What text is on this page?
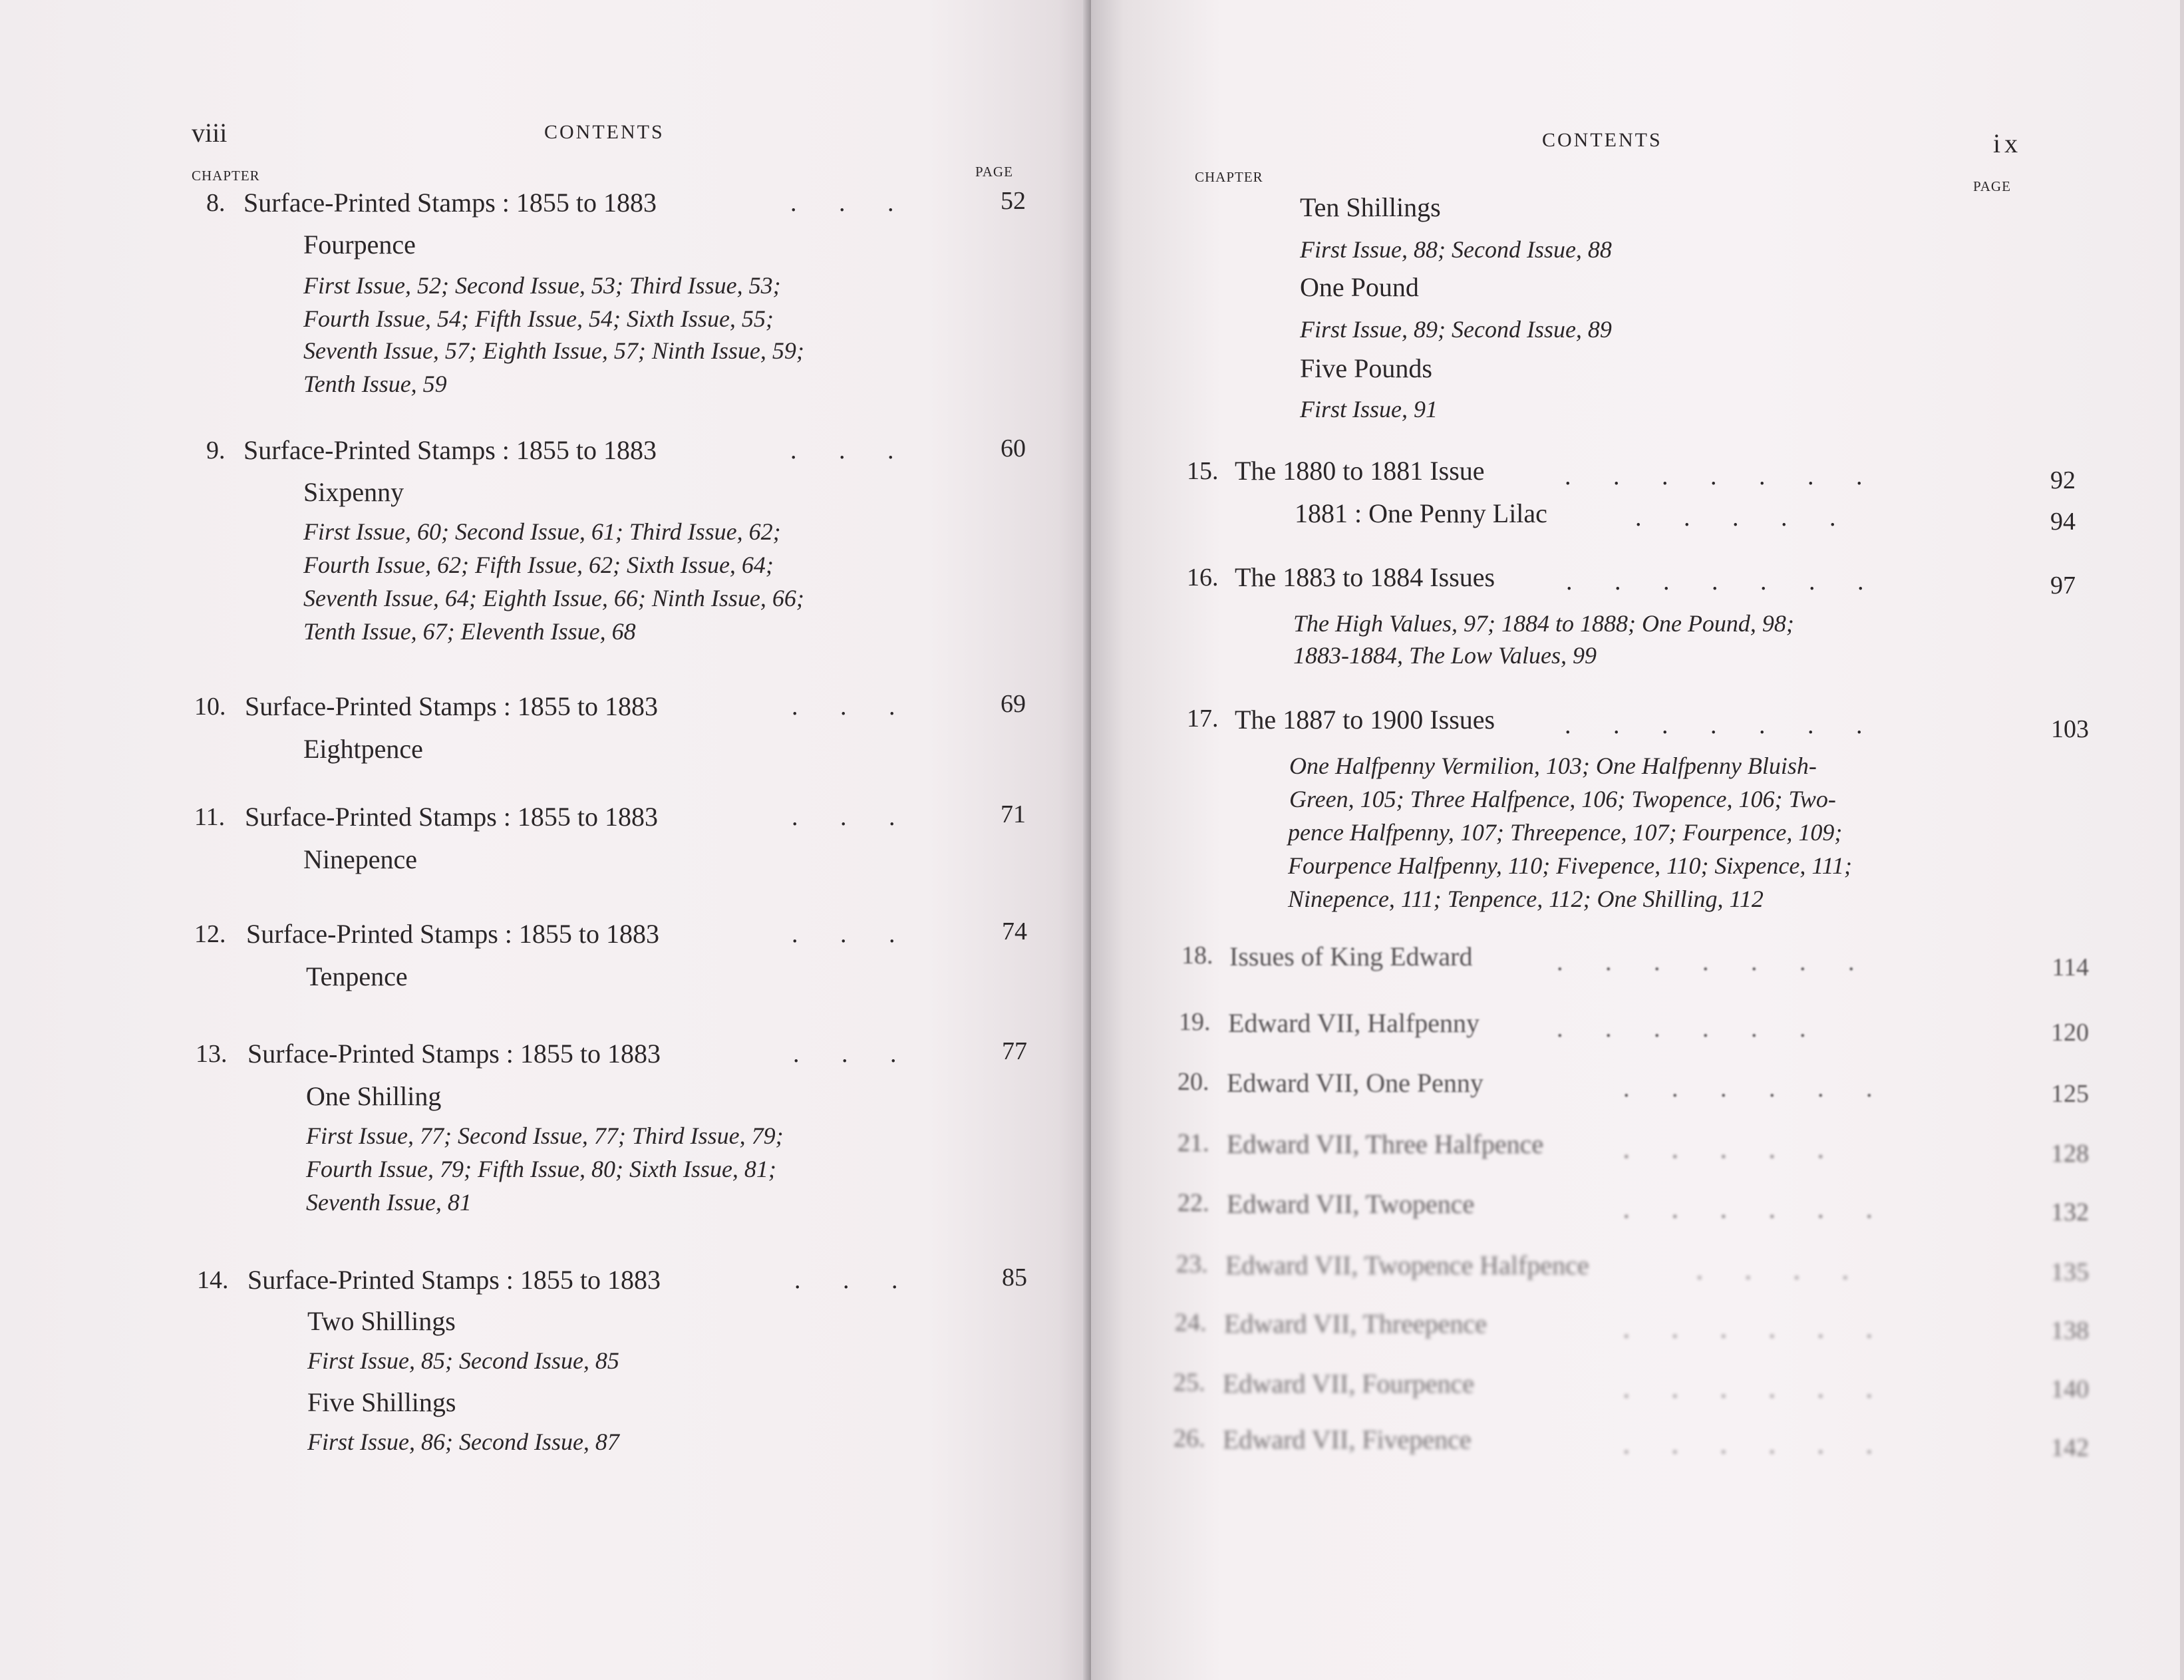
viii	CONTENTS
CHAPTER	PAGE
8. Surface-Printed Stamps : 1855 to 1883	. . .	52
Fourpence
First Issue, 52; Second Issue, 53; Third Issue, 53;
Fourth Issue, 54; Fifth Issue, 54; Sixth Issue, 55;
Seventh Issue, 57; Eighth Issue, 57; Ninth Issue, 59;
Tenth Issue, 59
9. Surface-Printed Stamps : 1855 to 1883	. . .	60
Sixpenny
First Issue, 60; Second Issue, 61; Third Issue, 62;
Fourth Issue, 62; Fifth Issue, 62; Sixth Issue, 64;
Seventh Issue, 64; Eighth Issue, 66; Ninth Issue, 66;
Tenth Issue, 67; Eleventh Issue, 68
10. Surface-Printed Stamps : 1855 to 1883	. . .	69
Eightpence
11. Surface-Printed Stamps : 1855 to 1883	. . .	71
Ninepence
12. Surface-Printed Stamps : 1855 to 1883	. . .	74
Tenpence
13. Surface-Printed Stamps : 1855 to 1883	. . .	77
One Shilling
First Issue, 77; Second Issue, 77; Third Issue, 79;
Fourth Issue, 79; Fifth Issue, 80; Sixth Issue, 81;
Seventh Issue, 81
14. Surface-Printed Stamps : 1855 to 1883	. . .	85
Two Shillings
First Issue, 85; Second Issue, 85
Five Shillings
First Issue, 86; Second Issue, 87
CONTENTS	ix
CHAPTER
PAGE
Ten Shillings
First Issue, 88; Second Issue, 88
One Pound
First Issue, 89; Second Issue, 89
Five Pounds
First Issue, 91
15. The 1880 to 1881 Issue	. . . . . . .	92
1881 : One Penny Lilac	. . . . .	94
16. The 1883 to 1884 Issues	. . . . . . .	97
The High Values, 97; 1884 to 1888; One Pound, 98;
1883-1884, The Low Values, 99
17. The 1887 to 1900 Issues	. . . . . . .	103
One Halfpenny Vermilion, 103; One Halfpenny Bluish-
Green, 105; Three Halfpence, 106; Twopence, 106; Two-
pence Halfpenny, 107; Threepence, 107; Fourpence, 109;
Fourpence Halfpenny, 110; Fivepence, 110; Sixpence, 111;
Ninepence, 111; Tenpence, 112; One Shilling, 112
18. Issues of King Edward	. . . . . . .	114
19. Edward VII, Halfpenny	. . . . . .	120
20. Edward VII, One Penny	. . . . . .	125
21. Edward VII, Three Halfpence	. . . . .	128
22. Edward VII, Twopence	. . . . . .	132
23. Edward VII, Twopence Halfpence	. . . .	135
24. Edward VII, Threepence	. . . . . .	138
25. Edward VII, Fourpence	. . . . . .	140
26. Edward VII, Fivepence	. . . . . .	142
